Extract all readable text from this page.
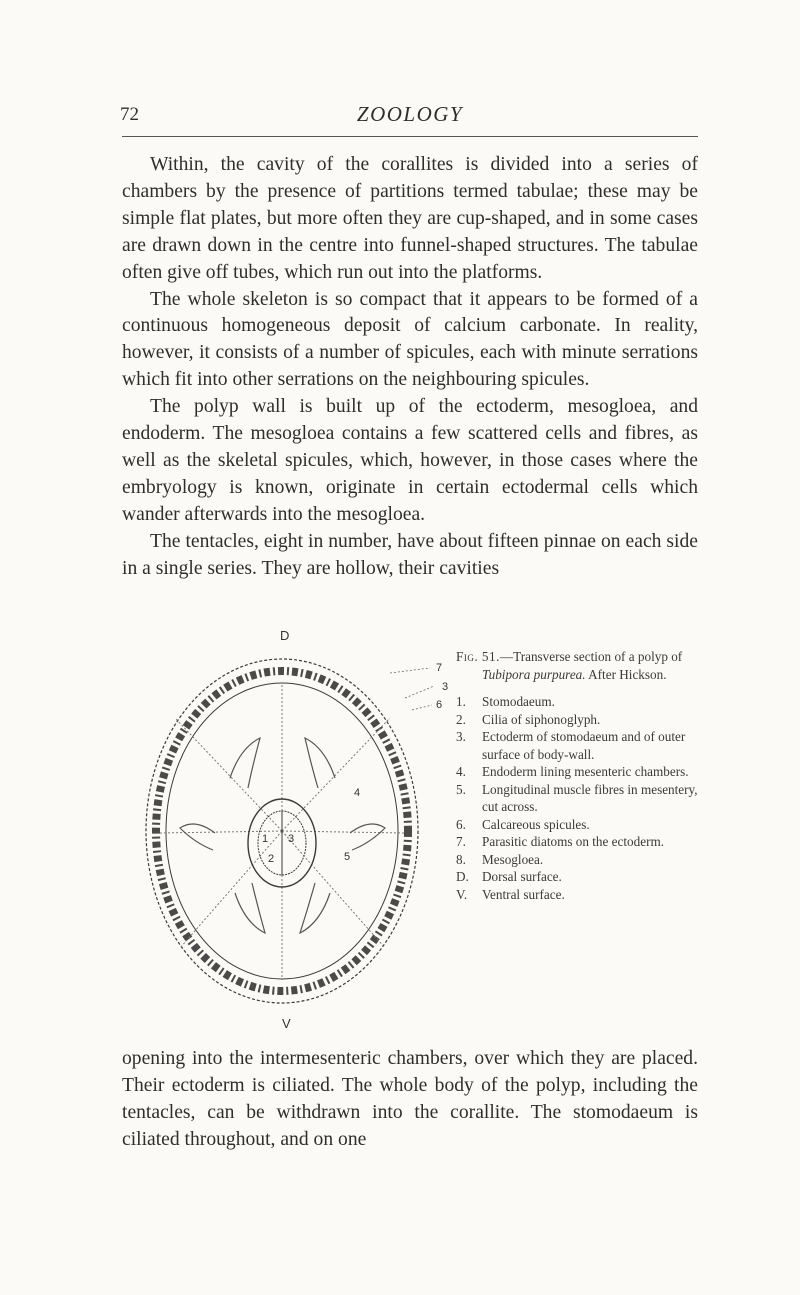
72	ZOOLOGY

Within, the cavity of the corallites is divided into a series of chambers by the presence of partitions termed tabulae; these may be simple flat plates, but more often they are cup-shaped, and in some cases are drawn down in the centre into funnel-shaped structures. The tabulae often give off tubes, which run out into the platforms.

The whole skeleton is so compact that it appears to be formed of a continuous homogeneous deposit of calcium carbonate. In reality, however, it consists of a number of spicules, each with minute serrations which fit into other serrations on the neighbouring spicules.

The polyp wall is built up of the ectoderm, mesogloea, and endoderm. The mesogloea contains a few scattered cells and fibres, as well as the skeletal spicules, which, however, in those cases where the embryology is known, originate in certain ectodermal cells which wander afterwards into the mesogloea.

The tentacles, eight in number, have about fifteen pinnae on each side in a single series. They are hollow, their cavities

D
1
2
3
3
4
5
6
7
V
Fig. 51.—Transverse section of a polyp of Tubipora purpurea. After Hickson.
1.	Stomodaeum.
2.	Cilia of siphonoglyph.
3.	Ectoderm of stomodaeum and of outer surface of body-wall.
4.	Endoderm lining mesenteric chambers.
5.	Longitudinal muscle fibres in mesentery, cut across.
6.	Calcareous spicules.
7.	Parasitic diatoms on the ectoderm.
8.	Mesogloea.
D. Dorsal surface.
V.	Ventral surface.

opening into the intermesenteric chambers, over which they are placed. Their ectoderm is ciliated. The whole body of the polyp, including the tentacles, can be withdrawn into the corallite. The stomodaeum is ciliated throughout, and on one
